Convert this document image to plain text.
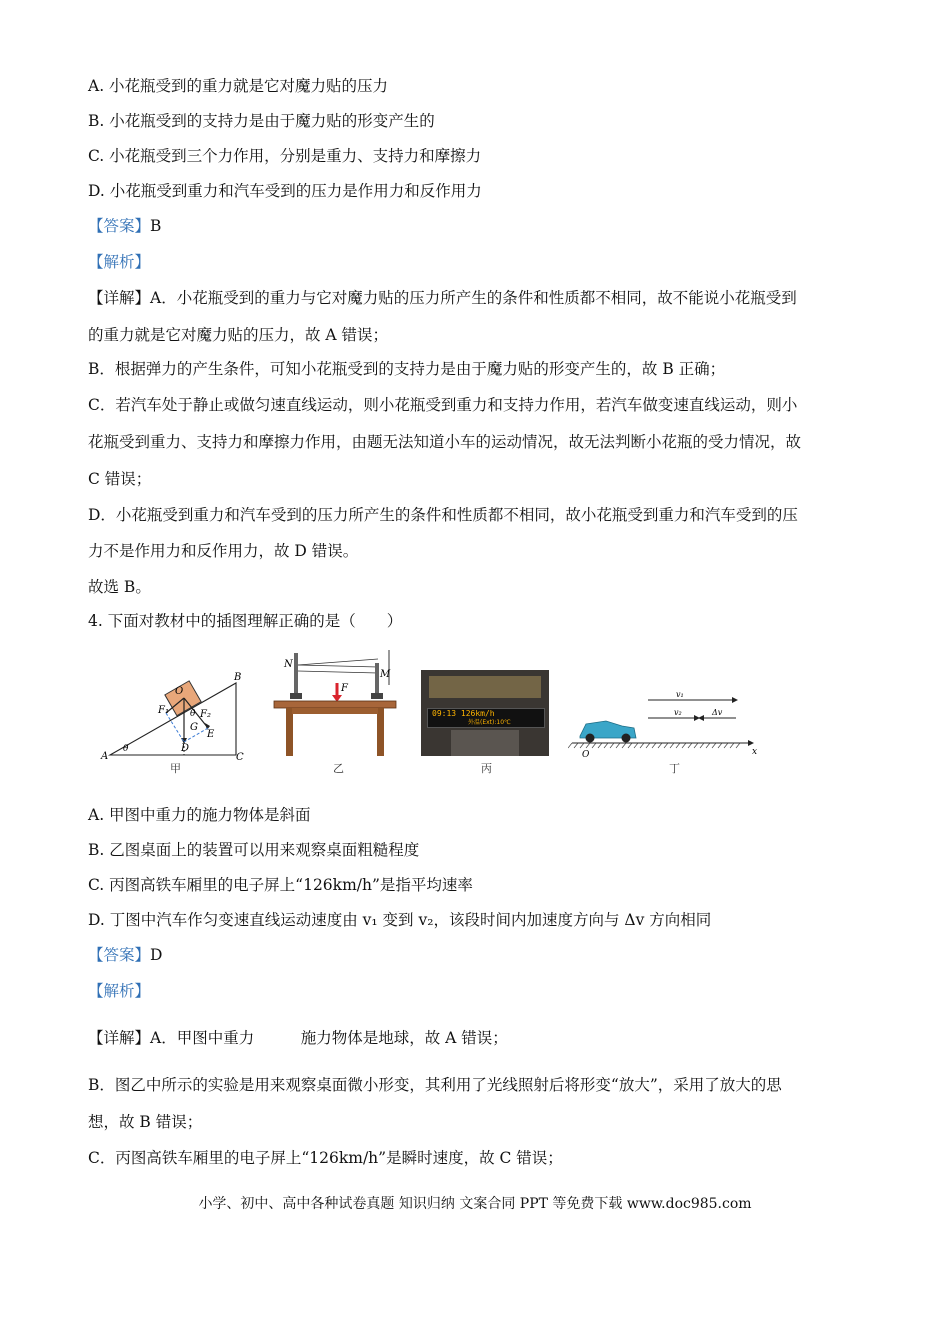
A. 小花瓶受到的重力就是它对魔力贴的压力
B. 小花瓶受到的支持力是由于魔力贴的形变产生的
C. 小花瓶受到三个力作用，分别是重力、支持力和摩擦力
D. 小花瓶受到重力和汽车受到的压力是作用力和反作用力
【答案】B
【解析】
【详解】A．小花瓶受到的重力与它对魔力贴的压力所产生的条件和性质都不相同，故不能说小花瓶受到
的重力就是它对魔力贴的压力，故 A 错误；
B．根据弹力的产生条件，可知小花瓶受到的支持力是由于魔力贴的形变产生的，故 B 正确；
C．若汽车处于静止或做匀速直线运动，则小花瓶受到重力和支持力作用，若汽车做变速直线运动，则小
花瓶受到重力、支持力和摩擦力作用，由题无法知道小车的运动情况，故无法判断小花瓶的受力情况，故
C 错误；
D．小花瓶受到重力和汽车受到的压力所产生的条件和性质都不相同，故小花瓶受到重力和汽车受到的压
力不是作用力和反作用力，故 D 错误。
故选 B。
4. 下面对教材中的插图理解正确的是（　　）
O
B
F₁	F₂
θ
G
E
A
θ	D
C
甲
N
M
F
乙
09:13 126km/h
外温(Ext):10℃
丙
v₁
v₂	Δv
O	x
丁
A. 甲图中重力的施力物体是斜面
B. 乙图桌面上的装置可以用来观察桌面粗糙程度
C. 丙图高铁车厢里的电子屏上“126km/h”是指平均速率
D. 丁图中汽车作匀变速直线运动速度由 v₁ 变到 v₂，该段时间内加速度方向与 Δv 方向相同
【答案】D
【解析】
【详解】A．甲图中重力　　　施力物体是地球，故 A 错误；
B．图乙中所示的实验是用来观察桌面微小形变，其利用了光线照射后将形变“放大”，采用了放大的思
想，故 B 错误；
C．丙图高铁车厢里的电子屏上“126km/h”是瞬时速度，故 C 错误；
小学、初中、高中各种试卷真题 知识归纳 文案合同 PPT 等免费下载 www.doc985.com
